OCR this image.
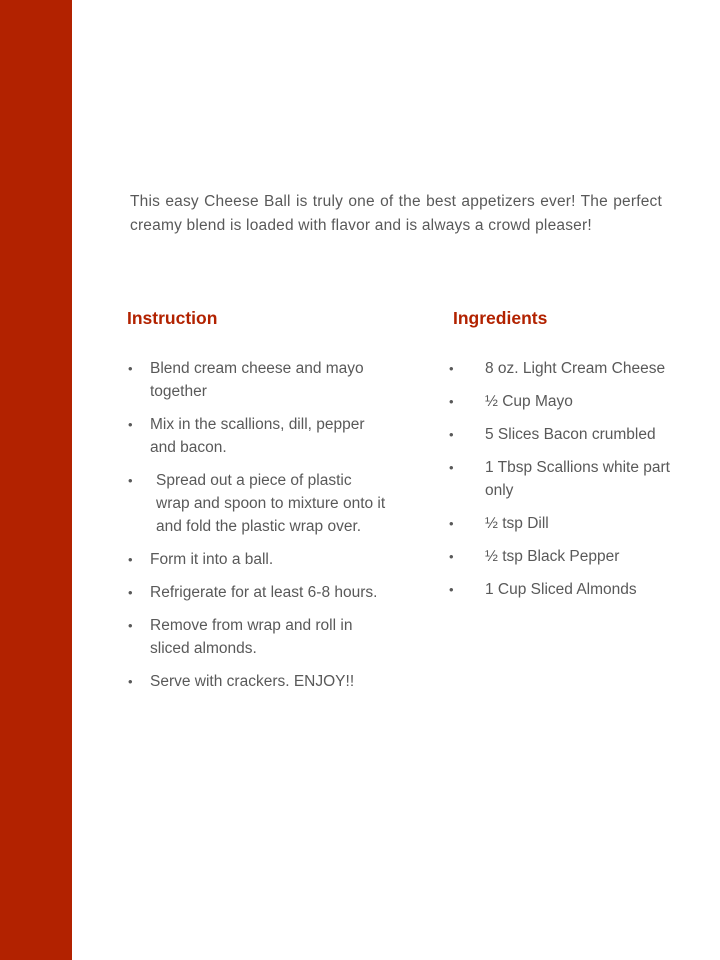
This easy Cheese Ball is truly one of the best appetizers ever! The perfect creamy blend is loaded with flavor and is always a crowd pleaser!

Instruction	Ingredients
• Blend cream cheese and mayo together
• Mix in the scallions, dill, pepper and bacon.
• Spread out a piece of plastic wrap and spoon to mixture onto it and fold the plastic wrap over.
• Form it into a ball.
• Refrigerate for at least 6-8 hours.
• Remove from wrap and roll in sliced almonds.
• Serve with crackers. ENJOY!!
• 8 oz. Light Cream Cheese
• ½ Cup Mayo
• 5 Slices Bacon crumbled
• 1 Tbsp Scallions white part only
• ½ tsp Dill
• ½ tsp Black Pepper
• 1 Cup Sliced Almonds
